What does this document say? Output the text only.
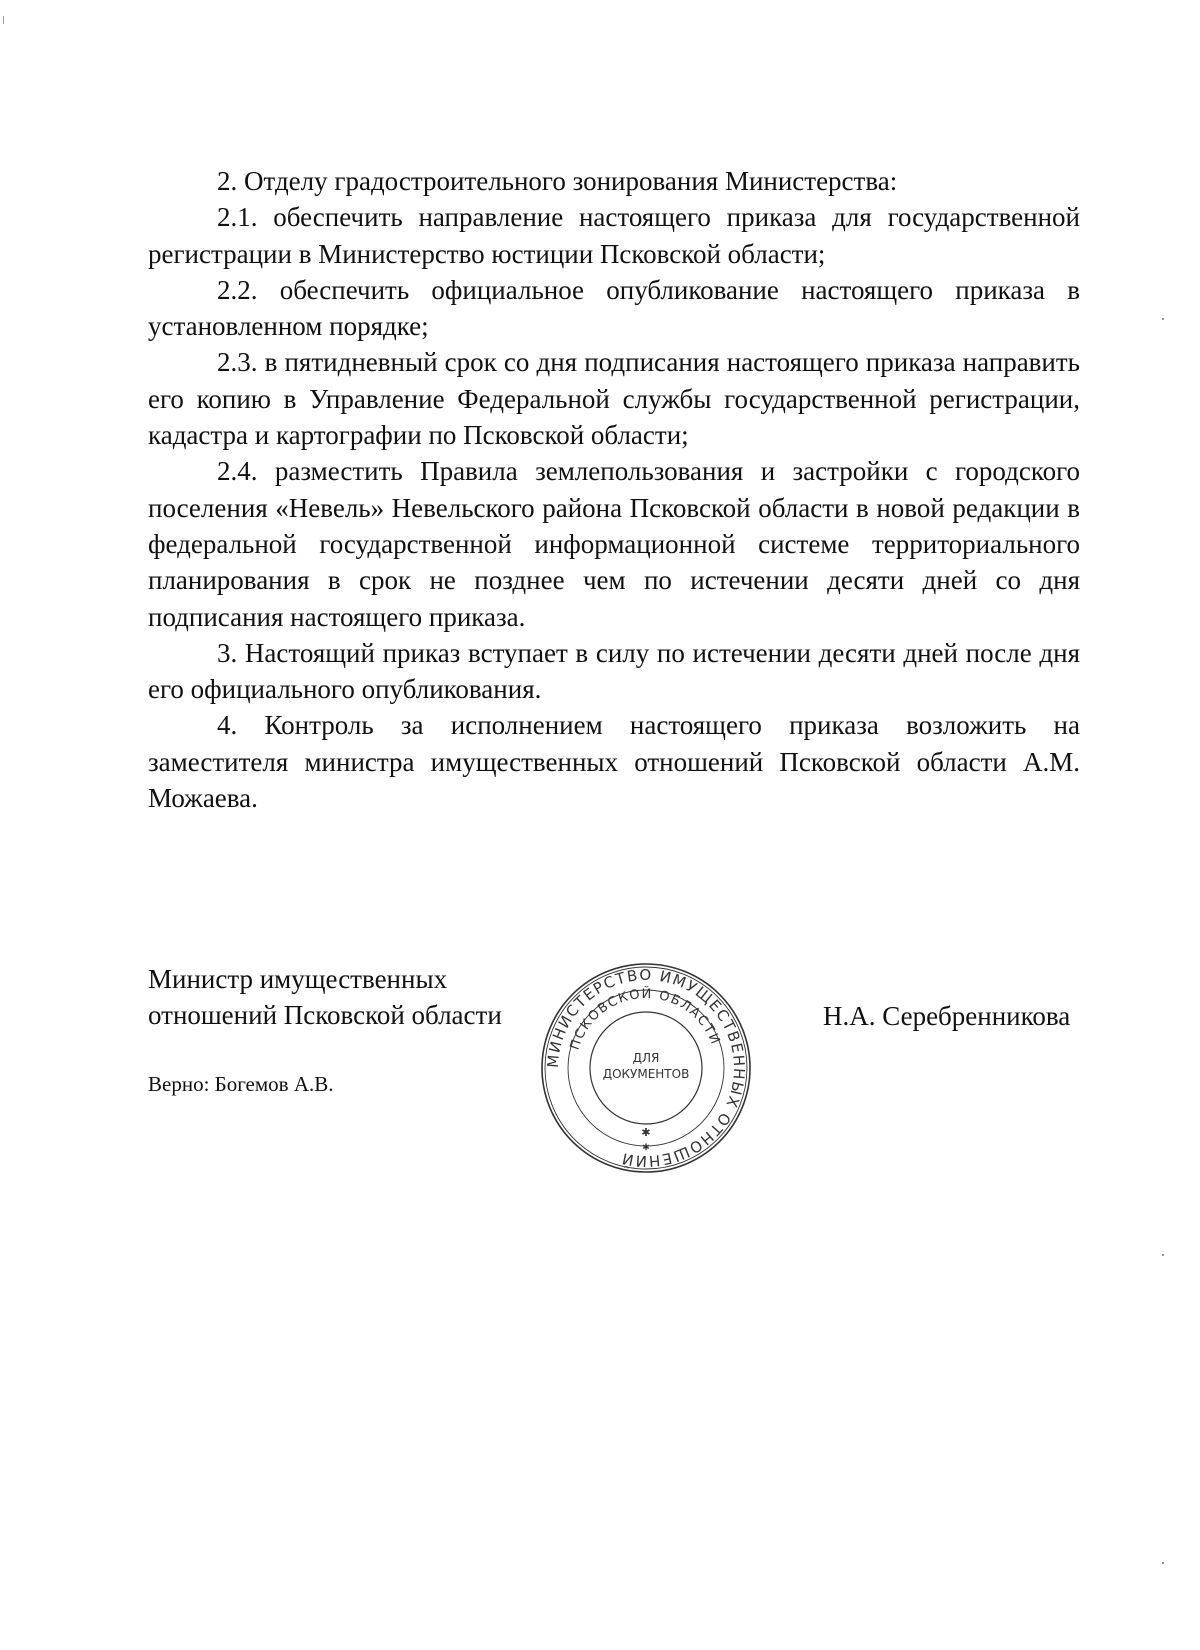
2. Отделу градостроительного зонирования Министерства:

2.1. обеспечить направление настоящего приказа для государственной регистрации в Министерство юстиции Псковской области;

2.2. обеспечить официальное опубликование настоящего приказа в установленном порядке;

2.3. в пятидневный срок со дня подписания настоящего приказа направить его копию в Управление Федеральной службы государственной регистрации, кадастра и картографии по Псковской области;

2.4. разместить Правила землепользования и застройки с городского поселения «Невель» Невельского района Псковской области в новой редакции в федеральной государственной информационной системе территориального планирования в срок не позднее чем по истечении десяти дней со дня подписания настоящего приказа.

3. Настоящий приказ вступает в силу по истечении десяти дней после дня его официального опубликования.

4. Контроль за исполнением настоящего приказа возложить на заместителя министра имущественных отношений Псковской области А.М. Можаева.

Министр имущественных
отношений Псковской области
Верно: Богемов А.В.
Н.А. Серебренникова
МИНИСТЕРСТВО ИМУЩЕСТВЕННЫХ ОТНОШЕНИЙ
ПСКОВСКОЙ ОБЛАСТИ
ДЛЯ
ДОКУМЕНТОВ
✱
✱
